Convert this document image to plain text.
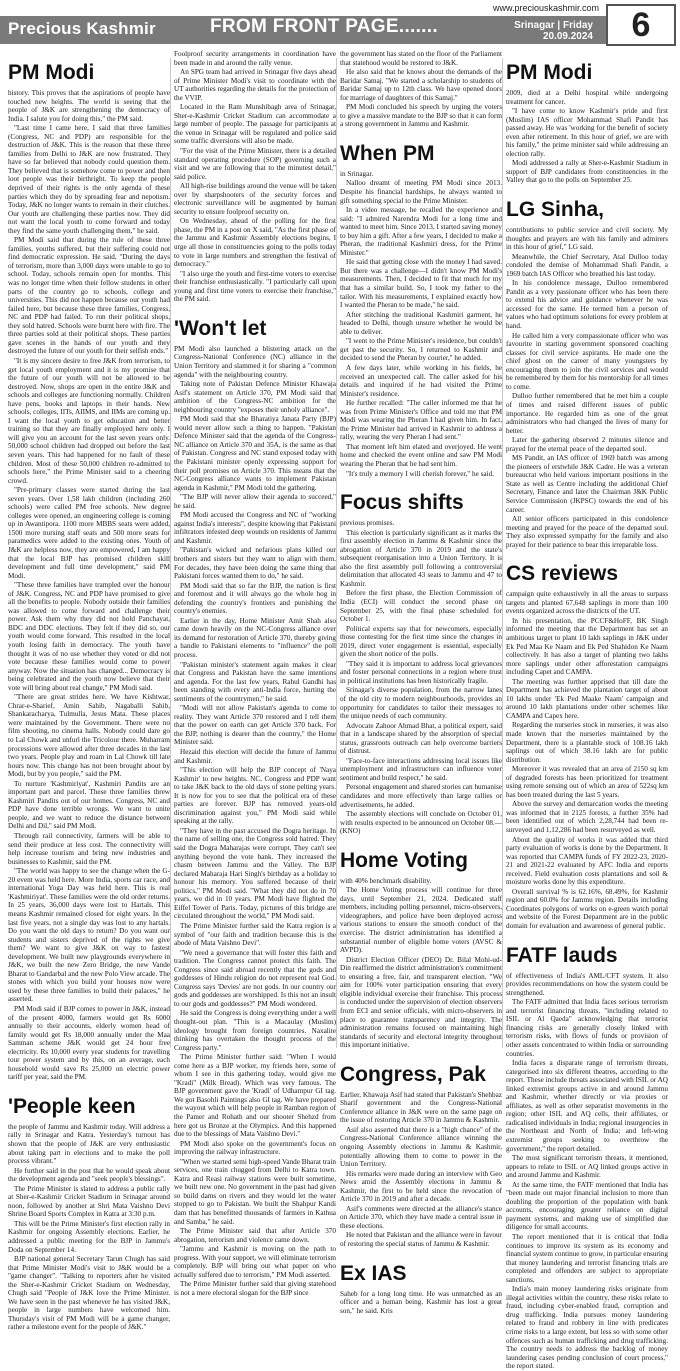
Precious Kashmir	FROM FRONT PAGE.......
www.preciouskashmir.com
Srinagar | Friday
20.09.2024	6
PM Modi

history. This proves that the aspirations of people have touched new heights. The world is seeing that the people of J&K are strengthening the democracy of India. I salute you for doing this," the PM said.

"Last time I came here, I said that three families (Congress, NC and PDP) are responsible for the destruction of J&K. This is the reason that these three families from Delhi to J&K are now frustrated. They have so far believed that nobody could question them. They believed that is somehow come to power and then loot people was their birthright. To keep the people deprived of their rights is the only agenda of these parties which they do by spreading fear and nepotism. Today, J&K no longer wants to remain in their clutches. Our youth are challenging these parties now. They did not want the local youth to come forward and today they find the same youth challenging them," he said.

PM Modi said that during the rule of these three families, youths suffered, but their suffering could not find democratic expression. He said, "During the days of terrorism, more than 3,000 days were unable to go to school. Today, schools remain open for months. This was no longer time when their fellow students in other parts of the country go to schools, college and universities. This did not happen because our youth had failed here, but because these three families, Congress, NC and PDP had failed. To run their political shops, they sold hatred. Schools were burnt here with fire. The three parties sold at their political shops. These parties gave scenes in the hands of our youth and they destroyed the future of our youth for their selfish ends."

"It is my sincere desire to free J&K from terrorism, to get local youth employment and it is my promise that the future of our youth will not be allowed to be destroyed. Now, shops are open in the entire J&K and schools and colleges are functioning normally. Children have pens, books and laptops in their hands. New schools, colleges, IITs, AIIMS, and IIMs are coming up. I want the local youth to get education and better training so that they are finally employed here only. I will give you an account for the last seven years only. 50,000 school children had dropped out before the last seven years. This had happened for no fault of these children. Most of these 50,000 children re-admitted to schools here," the Prime Minister said to a cheering crowd.

"Pre-primary classes were started during the last seven years. Over 1,58 lakh children (including 260 schools) were called PM free schools. New degree colleges were opened, an engineering college is coming up in Awantipora. 1100 more MBBS seats were added, 1500 more nursing staff seats and 500 more seats for paramedics were added to the existing ones. Youth of J&K are helpless now, they are empowered, I am happy that the local BJP has promised children skill development and full time development," said PM Modi.

"These three families have trampled over the honour of J&K. Congress, NC and PDP have promised to give all the benefits to people. Nobody outside their families was allowed to come forward and challenge their power. Ask them why they did not hold Panchayat, BDC and DDC elections. They felt if they did so, our youth would come forward. This resulted in the local youth losing faith in democracy. The youth have thought it was of no use whether they voted or did not vote because these families would come to power anyway. Now the situation has changed... Democracy is being celebrated and the youth now believe that their vote will bring about real change," PM Modi said.

"There are great strides here. We have Kishtwar, Chrar-e-Sharief, Amin Sahib, Nagaballi Sahib, Shankaracharya, Tulmulla, Jesus Mata. These places were maintained by the Government. There were no film shooting, no cinema halls. Nobody could dare go to Lal Chowk and unfurl the Tricolour there. Muharram processions were allowed after three decades in the last two years. People play and roam in Lal Chowk till late hours now. This change has not been brought about by Modi, but by you people," said the PM.

To nurture 'Kashmiriyat', Kashmiri Pandits are an important part and parcel. These three families threw Kashmiri Pandits out of our homes. Congress, NC and PDP have done terrible wrongs. We want to unite people, and we want to reduce the distance between Delhi and Dil," said PM Modi.

Through rail connectivity, farmers will be able to send their produce at less cost. The connectivity will help increase tourism and bring new industries and businesses to Kashmir, said the PM.

"The world was happy to see the change when the G-20 event was held here. More India, sports car race, and international Yoga Day was held here. This is real 'Kashmiriyat'. These families were the old order returns. In 25 years, 36,000 days were lost to Hartals. This means Kashmir remained closed for eight years. In the last five years, not a single day was lost to any hartals. Do you want the old days to return? Do you want our students and sisters deprived of the rights we give them? We want to give J&K on way to fastest development. We built new playgrounds everywhere in J&K, we built the new Zero Bridge, the new Vande Bharat to Gandarbal and the new Polo View arcade. The stones with which you build your houses now were used by these three families to build their palaces," he asserted.

PM Modi said if BJP comes to power in J&K, instead of the present 4000, farmers would get Rs 6000 annually to their accounts, elderly women head of family would get Rs 18,000 annually under the Maa Samman scheme J&K would get 24 hour free electricity. Rs 10,000 every year students for travelling tour power system and by this, on an average, each household would save Rs 25,000 on electric power tariff per year, said the PM.

'People keen

the people of Jammu and Kashmir today. Will address a rally in Srinagar and Katra. Yesterday's turnout has shown that the people of J&K are very enthusiastic about taking part in elections and to make the poll process vibrant."

He further said in the post that he would speak about the development agenda and "seek people's blessings".

The Prime Minister is slated to address a public rally at Sher-e-Kashmir Cricket Stadium in Srinagar around noon, followed by another at Shri Mata Vaishno Devi Shrine Board Sports Complex in Katra at 3:30 p.m.

This will be the Prime Minister's first election rally in Kashmir for ongoing Assembly elections. Earlier, he addressed a public meeting for the BJP in Jammu's Doda on September 14.

BJP national general Secretary Tarun Chugh has said that Prime Minister Modi's visit to J&K would be a "game changer". "Talking to reporters after he visited the Sher-e-Kashmir Cricket Stadium on Wednesday, Chugh said "People of J&K love the Prime Minister. We have seen in the past whenever he has visited J&K, people in large numbers have welcomed him. Thursday's visit of PM Modi will be a game changer, rather a milestone event for the people of J&K."

Foolproof security arrangements in coordination have been made in and around the rally venue.

An SPG team had arrived in Srinagar five days ahead of Prime Minister Modi's visit to coordinate with the UT authorities regarding the details for the protection of the VVIP.

Located in the Ram Munshibagh area of Srinagar, Sher-e-Kashmir Cricket Stadium can accommodate a large number of people. The passage for participants at the venue in Srinagar will be regulated and police said some traffic diversions will also be made.

"For the visit of the Prime Minister, there is a detailed standard operating procedure (SOP) governing such a visit and we are following that to the minutest detail," said police.

All high-rise buildings around the venue will be taken over by sharpshooters of the security forces and electronic surveillance will be augmented by human security to ensure foolproof security on.

On Wednesday, ahead of the polling for the first phase, the PM in a post on X said, "As the first phase of the Jammu and Kashmir Assembly elections begins, I urge all those in constituencies going to the polls today to vote in large numbers and strengthen the festival of democracy."

"I also urge the youth and first-time voters to exercise their franchise enthusiastically. "I particularly call upon young and first time voters to exercise their franchise," the PM said.

'Won't let

PM Modi also launched a blistering attack on the Congress-National Conference (NC) alliance in the Union Territory and slammed it for sharing a "common agenda" with the neighbouring country.

Taking note of Pakistan Defence Minister Khawaja Asif's statement on Article 370, PM Modi said that ambition of the Congress-NC ambition for the neighbouring country "exposes their unholy alliance".

PM Modi said that she Bharatiya Janata Party (BJP) would never allow such a thing to happen. "Pakistan Defence Minister said that the agenda of the Congress-NC alliance on Article 370 and 35A, is the same as that of Pakistan. Congress and NC stand exposed today with the Pakistani minister openly expressing support for their poll promises on Article 370. This means that the NC-Congress alliance wants to implement Pakistan agenda in Kashmir," PM Modi told the gathering.

"The BJP will never allow their agenda to succeed," he said.

PM Modi accused the Congress and NC of "working against India's interests", despite knowing that Pakistani infiltrators infested deep wounds on residents of Jammu and Kashmir.

"Pakistan's wicked and nefarious plans killed our brothers and sisters but they want to align with them. For decades, they have been doing the same thing that Pakistani forces wanted them to do," he said.

PM Modi said that so far the BJP, the nation is first and foremost and it will always go the whole hog in defending the country's frontiers and punishing the country's enemies.

Earlier in the day, Home Minister Amit Shah also came down heavily on the NC-Congress alliance over its demand for restoration of Article 370, thereby giving a handle to Pakistani elements to "influence" the poll process.

"Pakistan minister's statement again makes it clear that Congress and Pakistan have the same intentions and agenda. For the last few years, Rahul Gandhi has been standing with every anti-India force, hurting the sentiments of the countrymen," he said.

"Modi will not allow Pakistan's agenda to come to reality. They want Article 370 restored and I tell them that the power on earth can get Article 370 back. For the BJP, nothing is dearer than the country," the Home Minister said.

Hezaid this election will decide the future of Jammu and Kashmir.

"This election will help the BJP concept of 'Naya Kashmir' to new heights. NC, Congress and PDP want to take J&K back to the old days of stone pelting years. It is now for you to see that the political era of these parties are forever. BJP has removed years-old discrimination against you," PM Modi said while speaking at the rally.

"They have in the past accused the Dogra heritage. In the name of selling one, the Congress sold hatred. They said the Dogra Maharajas were corrupt. They can't see anything beyond the vote bank. They increased the chasm between Jammu and the Valley. The BJP declared Maharaja Hari Singh's birthday as a holiday to honour his memory. You suffered because of their politics," PM Modi said. "What they did not do in 70 years, we did in 10 years. PM Modi have flighted the Eiffel Tower of Paris. Today, pictures of this bridge are circulated throughout the world," PM Modi said.

The Prime Minister further said the Katra region is a symbol of "our faith and tradition because this is the abode of Mata Vaishno Devi".

"We need a governance that will foster this faith and tradition. The Congress cannot protect this faith. The Congress since said abroad recently that the gods and goddesses of Hindu religion do not represent real God. Congress says 'Devies' are not gods. In our country our gods and goddesses are worshipped. Is this not an insult to our gods and goddesses?" PM Modi wondered.

He said the Congress is doing everything under a well thought-out plan. "This is a Macaulay (Muslim) ideology brought from foreign countries. Naxalite thinking has overtaken the thought process of the Congress party."

The Prime Minister further said: "When I would come here as a BJP worker, my friends here, some of whom I see in this gathering today, would give me "Kradi" (Milk Bread). Which was very famous. The BJP government gave the 'Kradi' of Udhampur GI tag. We got Basohli Paintings also GI tag. We have prepared the wayout which will help people in Ramban region of the Pamer and Rohath and our shooter Shehzd from here got us Bronze at the Olympics. And this happened due to the blessings of Mata Vaishno Devi."

PM Modi also spoke on the government's focus on improving the railway infrastructure.

"When we started semi high-speed Vande Bharat train services, one train chugged from Delhi to Katra town. Katra and Reasi railway stations were built sometime, we built new one. No government in the past had given so build dams on rivers and they would let the water stopped to go to Pakistan. We built the Shahpur Kandi dam that has benefitted thousands of farmers in Kathua and Samba," he said.

The Prime Minister said that after Article 370 abrogation, terrorism and violence came down.

"Jammu and Kashmir is moving on the path to progress. With your support, we will eliminate terrorism completely. BJP will bring out what paper on who actually suffered due to terrorism," PM Modi asserted.

The Prime Minister further said that giving statehood is not a mere electoral slogan for the BJP since

the government has stated on the floor of the Parliament that statehood would be restored to J&K.

He also said that he knows about the demands of the Baridar Samaj. "We started a scholarship to students of Baridar Samaj up to 12th class. We have opened doors for marriage of daughters of this Samaj."

PM Modi concluded his speech by urging the voters to give a massive mandate to the BJP so that it can form a strong government in Jammu and Kashmir.

When PM

in Srinagar.

Nalloo dreamt of meeting PM Modi since 2013. Despite his financial hardships, he always wanted to gift something special to the Prime Minister.

In a video message, he recalled the experience and said: "I admired Narendra Modi for a long time and wanted to meet him. Since 2013, I started saving money to buy him a gift. After a few years, I decided to make a Pheran, the traditional Kashmiri dress, for the Prime Minister."

He said that getting close with the money I had saved. But there was a challenge—I didn't know PM Modi's measurements. Then, I decided to fit that much for my that has a similar build. So, I took my father to the tailor. With his measurements, I explained exactly how I wanted the Pheran to be made," he said.

After stitching the traditional Kashmiri garment, he headed to Delhi, though unsure whether he would be able to deliver.

"I went to the Prime Minister's residence, but couldn't get past the security. So, I returned to Kashmir and decided to send the Pheran by courier," he added.

A few days later, while working in his fields, he received an unexpected call. The caller asked for his details and inquired if he had visited the Prime Minister's residence.

He further recalled: "The caller informed me that he was from Prime Minister's Office and told me that PM Modi was wearing the Pheran I had given him. In fact, the Prime Minister had arrived in Kashmir to address a rally, wearing the very Pheran I had sent."

That moment left him elated and overjoyed. He went home and checked the event online and saw PM Modi wearing the Pheran that he had sent him.

"It's truly a memory I will cherish forever," he said.

Focus shifts

previous promises.

This election is particularly significant as it marks the first assembly election in Jammu & Kashmir since the abrogation of Article 370 in 2019 and the state's subsequent reorganisation into a Union Territory. It is also the first assembly poll following a controversial delimitation that allocated 43 seats to Jammu and 47 to Kashmir.

Before the first phase, the Election Commission of India (ECI) will conduct the second phase on September 25, with the final phase scheduled for October 1.

Political experts say that for newcomers, especially those contesting for the first time since the changes in 2019, direct voter engagement is essential, especially given the short notice of the polls.

"They said it is important to address local grievances and foster personal connections in a region where trust in political institutions has been historically fragile.

Srinagar's diverse population, from the narrow lanes of the old city to modern neighbourhoods, provides an opportunity for candidates to tailor their messages to the unique needs of each community.

Advocate Zahoor Ahmad Bhat, a political expert, said that in a landscape shared by the absorption of special status, grassroots outreach can help overcome barriers of distrust.

"Face-to-face interactions addressing local issues like unemployment and infrastructure can influence voter sentiment and build respect," he said.

Personal engagement and shared stories can humanise candidates and more effectively than large rallies or advertisements, he added.

The assembly elections will conclude on October 01, with results expected to be announced on October 08.—(KNO)

Home Voting

with 40% benchmark disability.

The Home Voting process will continue for three days, until September 21, 2024. Dedicated staff members, including polling personnel, micro-observers, videographers, and police have been deployed across various stations to ensure the smooth conduct of the exercise. The district administration has identified a substantial number of eligible home voters (AVSC & AVPD).

District Election Officer (DEO) Dr. Bilal Mohi-ud-Din reaffirmed the district administration's commitment to ensuring a free, fair, and transparent election. "We aim for 100% voter participation ensuring that every eligible individual exercise their franchise. This process is conducted under the supervision of election observers from ECI and senior officials, with micro-observers in place to guarantee transparency and integrity. The administration remains focused on maintaining high standards of security and electoral integrity throughout this important initiative.

Congress, Pak

Earlier, Khawaja Asif had stated that Pakistan's Shehbaz Sharif government and the Congress-National Conference alliance in J&K were on the same page on the issue of restoring Article 370 in Jammu & Kashmir.

Asif also asserted that there is a "high chance" of the Congress-National Conference alliance winning the ongoing Assembly elections in Jammu & Kashmir, potentially allowing them to come to power in the Union Territory.

His remarks were made during an interview with Geo News amid the Assembly elections in Jammu & Kashmir, the first to be held since the revocation of Article 370 in 2019 and after a decade.

Asif's comments were directed at the alliance's stance on Article 370, which they have made a central issue in these elections.

He noted that Pakistan and the alliance were in favour of restoring the special status of Jammu & Kashmir.

Ex IAS

Saheb for a long long time. He was unmatched as an officer and a human being. Kashmir has lost a great son," he said. Kris

PM Modi

2009, died at a Delhi hospital while undergoing treatment for cancer.

"I have come to know Kashmir's pride and first (Muslim) IAS officer Mohammad Shafi Pandit has passed away. He was 'working for the benefit of society even after retirement. In this hour of grief, we are with his family," the prime minister said while addressing an election rally.

Modi addressed a rally at Sher-e-Kashmir Stadium in support of BJP candidates from constituencies in the Valley that go to the polls on September 25.

LG Sinha,

contributions to public service and civil society. My thoughts and prayers are with his family and admirers in this hour of grief," LG said.

Meanwhile, the Chief Secretary, Atal Dulloo today condoled the demise of Mohammad Shafi Pandit, a 1969 batch IAS Officer who breathed his last today.

In his condolence message, Dulloo remembered Pandit as a very passionate officer who has been there to extend his advice and guidance whenever he was accessed for the same. He termed him a person of values who had optimum solutions for every problem at hand.

He called him a very compassionate officer who was favourite in starting government sponsored coaching classes for civil service aspirants. He made one the chief ghost on the career of many youngsters by encouraging them to join the civil services and would be remembered by them for his mentorship for all times to come.

Dulloo further remembered that he met him a couple of times and raised different issues of public importance. He regarded him as one of the great administrators who had changed the lives of many for better.

Later the gathering observed 2 minutes silence and prayed for the eternal peace of the departed soul.

MS Pandit, an IAS officer of 1969 batch was among the pioneers of erstwhile J&K Cadre. He was a veteran bureaucrat who held various important positions in the State as well as Centre including the additional Chief Secretary, Finance and later the Chairman J&K Public Service Commission (JKPSC) towards the end of his career.

All senior officers participated in this condolence meeting and prayed for the peace of the departed soul. They also expressed sympathy for the family and also prayed for their patience to bear this irreparable loss.

CS reviews

campaign quite exhaustively in all the areas to surpass targets and planted 67,648 saplings in more than 100 events organized across the districts of the UT.

In his presentation, the PCCF&HoFF, BK Singh informed the meeting that the Department has set an ambitious target to plant 10 lakh saplings in J&K under Ek Ped Maa Ke Naam and Ek Ped Shahidon Ke Naam collectively. It has also a target of planting two lakhs more saplings under other afforestation campaigns including Capet and CAMPA.

The meeting was further apprised that till date the Department has achieved the plantation target of about 10 lakhs under 'Ek Ped Maake Naam' campaign and around 10 lakh plantations under other schemes like CAMPA and Capex here.

Regarding the nurseries stock in nurseries, it was also made known that the nurseries maintained by the Department, there is a plantable stock of 108.16 lakh saplings out of which 38.16 lakh are for public distribution.

Moreover it was revealed that an area of 2150 sq km of degraded forests has been prioritized for treatment using remote sensing out of which an area of 522sq km has been treated during the last 5 years.

Above the survey and demarcation works the meeting was informed that in 2125 forests, a further 35% had been identified out of which 2,28,744 had been re-surveyed and 1,12,286 had been resurveyed as well.

About the quality of works it was added that third party evaluation of works is done by the Department. It was reported that CAMPA funds of FY 2022-23, 2020-21 and 2021-22 evaluated by AFC India and reports received. Field evaluation costs plantations and soil & moisture works done by this expenditure.

Overall survival % is 62.16%, 68.49%, for Kashmir region and 60.0% for Jammu region. Details including Coordinates polygons of works on e-green watch portal and website of the Forest Department are in the public domain for evaluation and awareness of general public.

FATF lauds

of effectiveness of India's AML/CFT system. It also provides recommendations on how the system could be strengthened.

The FATF admitted that India faces serious terrorism and terrorist financing threats, "including related to ISIL or Al Qaeda" acknowledging that terrorist financing risks are generally closely linked with terrorism risks, with flows of funds or provision of other assets concentrated to within India or surrounding countries.

India faces a disparate range of terrorism threats, categorised into six different theatres, according to the report. These include threats associated with ISIL or AQ linked extremist groups active in and around Jammu and Kashmir, whether directly or via proxies or affiliates, as well as other separatist movements in the region; other ISIL and AQ cells, their affiliates, or radicalised individuals in India; regional insurgencies in the Northeast and North of India; and left-wing extremist groups seeking to overthrow the government," the report detailed.

The most significant terrorism threats, it mentioned, appears to relate to ISIL or AQ linked groups active in and around Jammu and Kashmir.

At the same time, the FATF mentioned that India has "been made out major financial inclusion to more than doubling the proportion of the population with bank accounts, encouraging greater reliance on digital payment systems, and making use of simplified due diligence for small accounts.

The report mentioned that it is critical that India continues to improve its system as its economy and financial system continue to grow, in particular ensuring that money laundering and terrorist financing trials are completed and offenders are subject to appropriate sanctions.

India's main money laundering risks originate from illegal activities within the country, these risks relate to fraud, including cyber-enabled fraud, corruption and drug trafficking. India pursues money laundering related to fraud and robbery in line with predicates crime risks to a large extent, but less so with some other offences such as human trafficking and drug trafficking. The country needs to address the backlog of money laundering cases pending conclusion of court process," the report stated.
